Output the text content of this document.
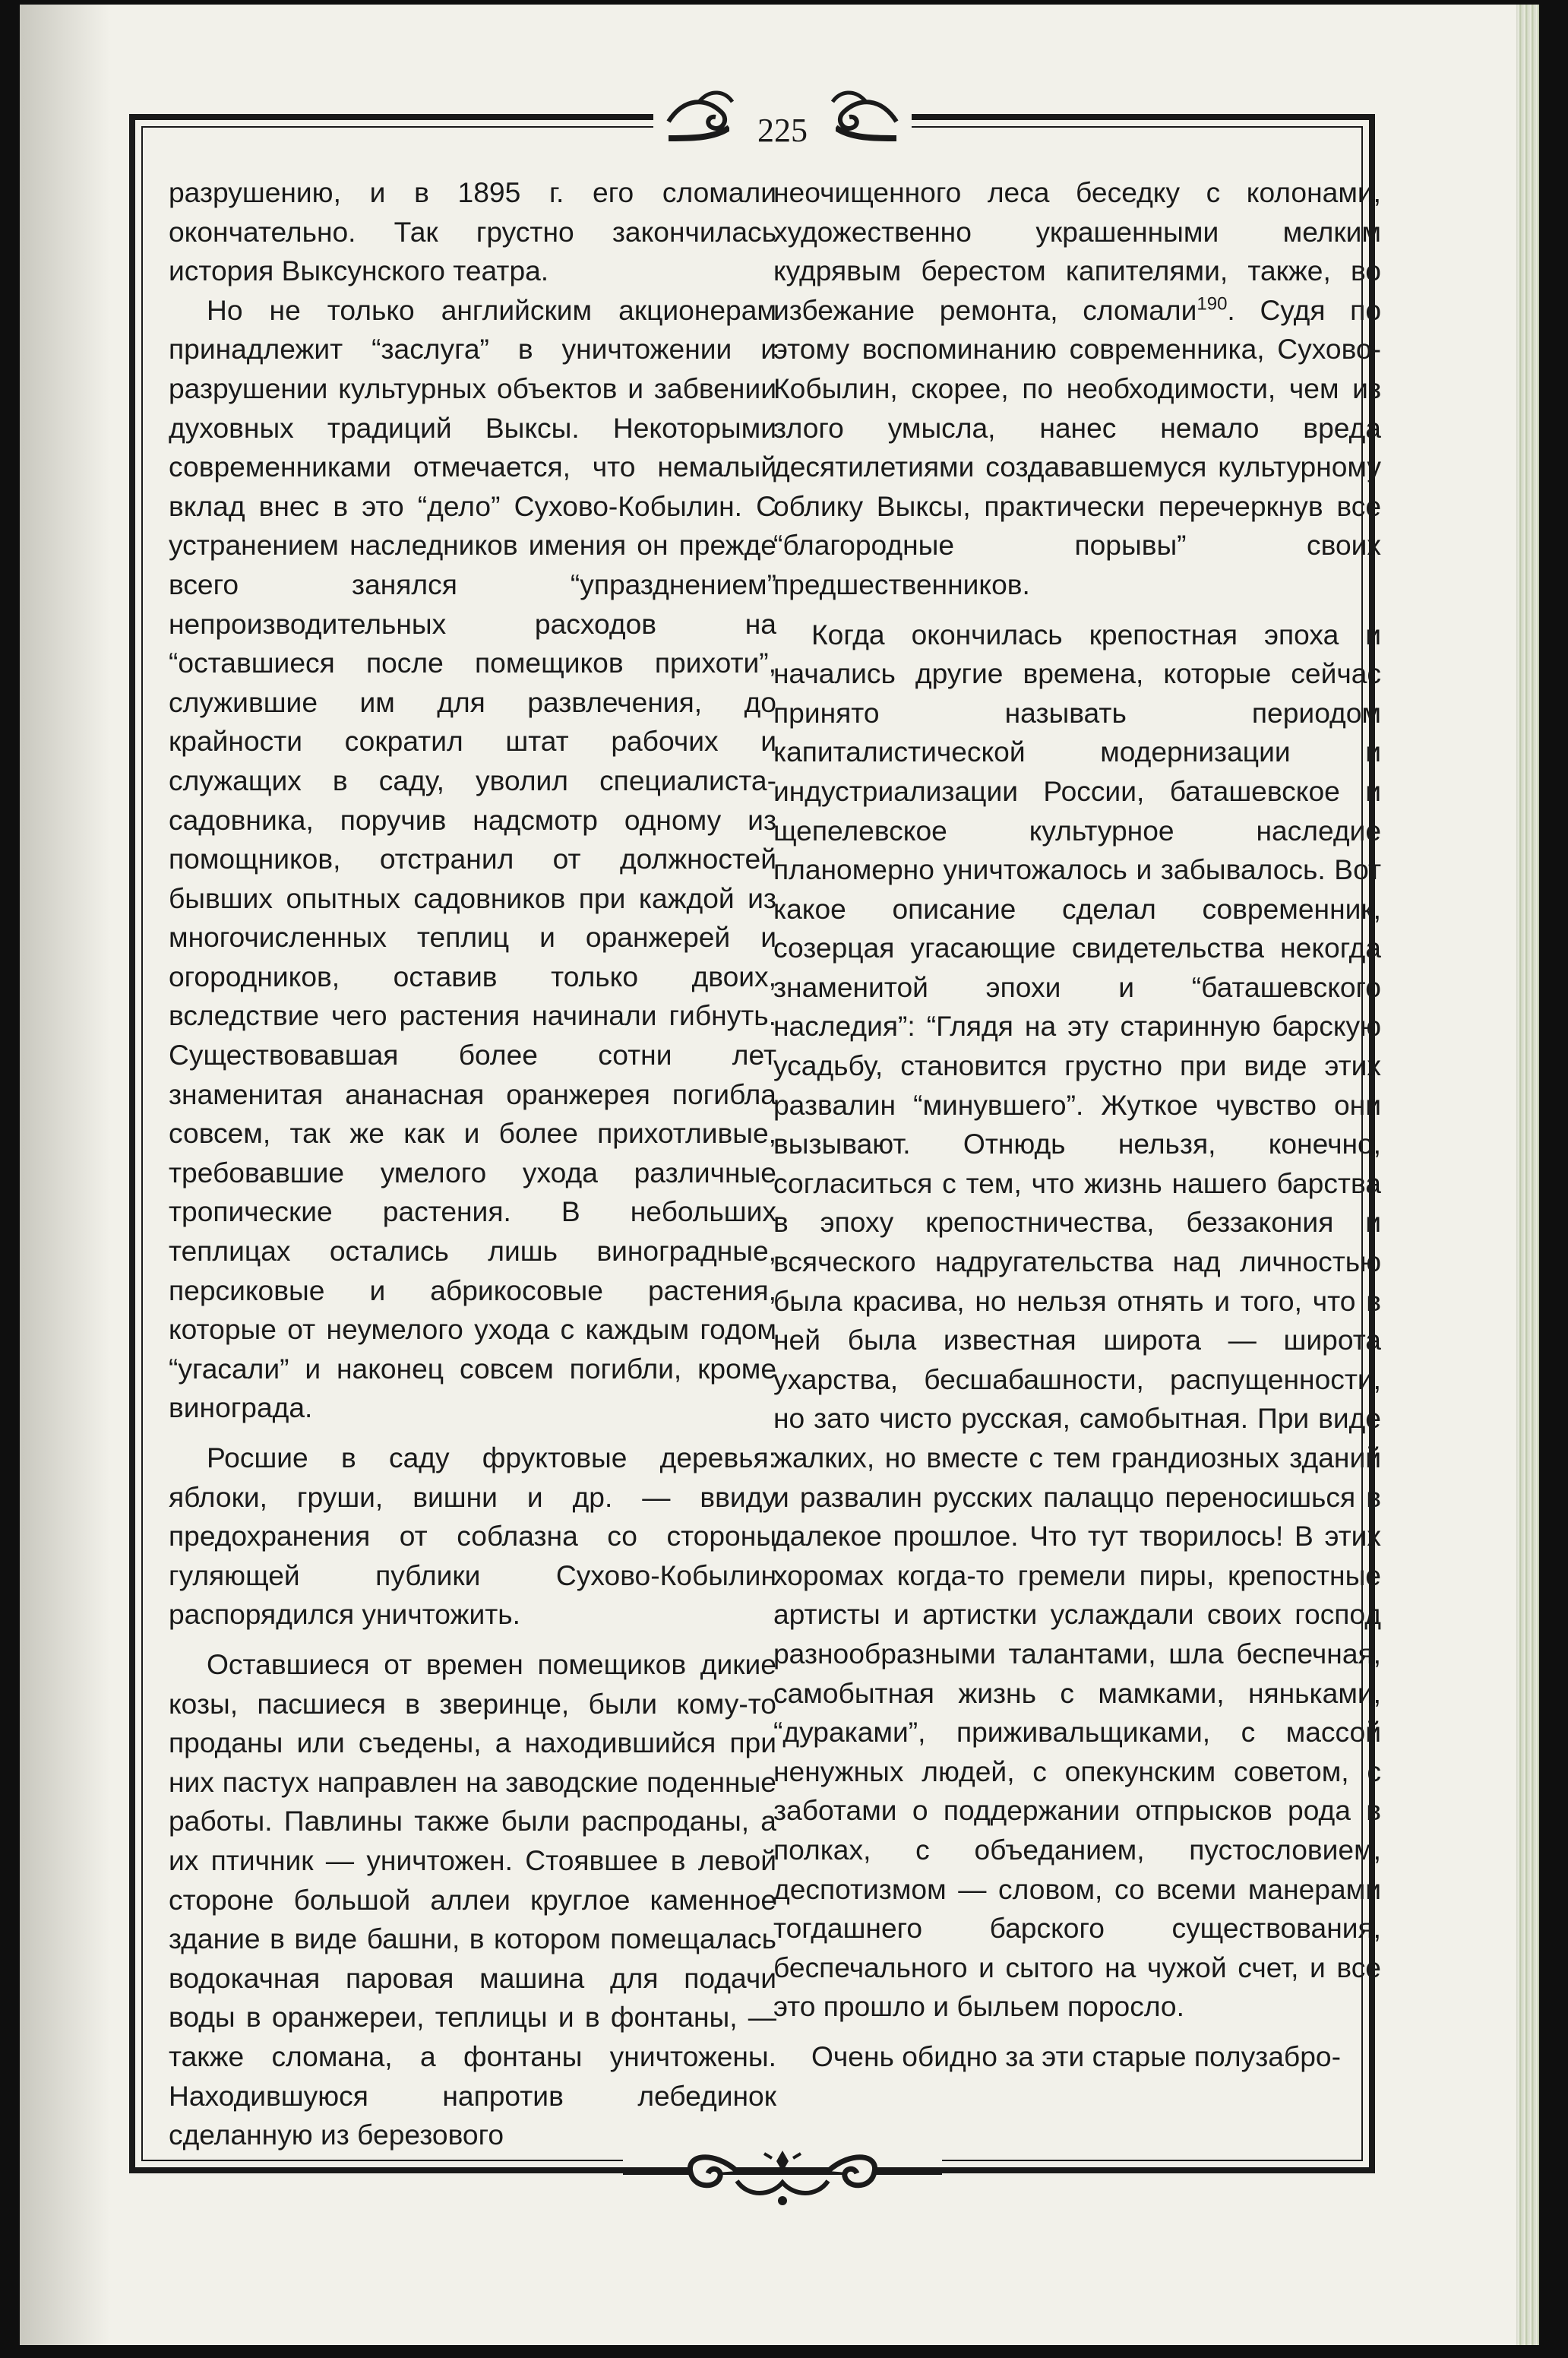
225

разрушению, и в 1895 г. его сломали окончательно. Так грустно закончилась история Выксунского театра.

Но не только английским акционерам принадлежит “заслуга” в уничтожении и разрушении культурных объектов и забвении духовных традиций Выксы. Некоторыми современниками отмечается, что немалый вклад внес в это “дело” Сухово-Кобылин. С устранением наследников имения он прежде всего занялся “упразднением” непроизводительных расходов на “оставшиеся после помещиков прихоти”, служившие им для развлечения, до крайности сократил штат рабочих и служащих в саду, уволил специалиста-садовника, поручив надсмотр одному из помощников, отстранил от должностей бывших опытных садовников при каждой из многочисленных теплиц и оранжерей и огородников, оставив только двоих, вследствие чего растения начинали гибнуть. Существовавшая более сотни лет знаменитая ананасная оранжерея погибла совсем, так же как и более прихотливые, требовавшие умелого ухода различные тропические растения. В небольших теплицах остались лишь виноградные, персиковые и абрикосовые растения, которые от неумелого ухода с каждым годом “угасали” и наконец совсем погибли, кроме винограда.

Росшие в саду фруктовые деревья: яблоки, груши, вишни и др. — ввиду предохранения от соблазна со стороны гуляющей публики Сухово-Кобылин распорядился уничтожить.

Оставшиеся от времен помещиков дикие козы, пасшиеся в зверинце, были кому-то проданы или съедены, а находившийся при них пастух направлен на заводские поденные работы. Павлины также были распроданы, а их птичник — уничтожен. Стоявшее в левой стороне большой аллеи круглое каменное здание в виде башни, в котором помещалась водокачная паровая машина для подачи воды в оранжереи, теплицы и в фонтаны, — также сломана, а фонтаны уничтожены. Находившуюся напротив лебединок сделанную из березового

неочищенного леса беседку с колонами, художественно украшенными мелким кудрявым берестом капителями, также, во избежание ремонта, сломали$^{190}$. Судя по этому воспоминанию современника, Сухово-Кобылин, скорее, по необходимости, чем из злого умысла, нанес немало вреда десятилетиями создававшемуся культурному облику Выксы, практически перечеркнув все “благородные порывы” своих предшественников.

Когда окончилась крепостная эпоха и начались другие времена, которые сейчас принято называть периодом капиталистической модернизации и индустриализации России, баташевское и щепелевское культурное наследие планомерно уничтожалось и забывалось. Вот какое описание сделал современник, созерцая угасающие свидетельства некогда знаменитой эпохи и “баташевского наследия”: “Глядя на эту старинную барскую усадьбу, становится грустно при виде этих развалин “минувшего”. Жуткое чувство они вызывают. Отнюдь нельзя, конечно, согласиться с тем, что жизнь нашего барства в эпоху крепостничества, беззакония и всяческого надругательства над личностью была красива, но нельзя отнять и того, что в ней была известная широта — широта ухарства, бесшабашности, распущенности, но зато чисто русская, самобытная. При виде жалких, но вместе с тем грандиозных зданий и развалин русских палаццо переносишься в далекое прошлое. Что тут творилось! В этих хоромах когда-то гремели пиры, крепостные артисты и артистки услаждали своих господ разнообразными талантами, шла беспечная, самобытная жизнь с мамками, няньками, “дураками”, приживальщиками, с массой ненужных людей, с опекунским советом, с заботами о поддержании отпрысков рода в полках, с объеданием, пустословием, деспотизмом — словом, со всеми манерами тогдашнего барского существования, беспечального и сытого на чужой счет, и все это прошло и быльем поросло.

Очень обидно за эти старые полузабро-
